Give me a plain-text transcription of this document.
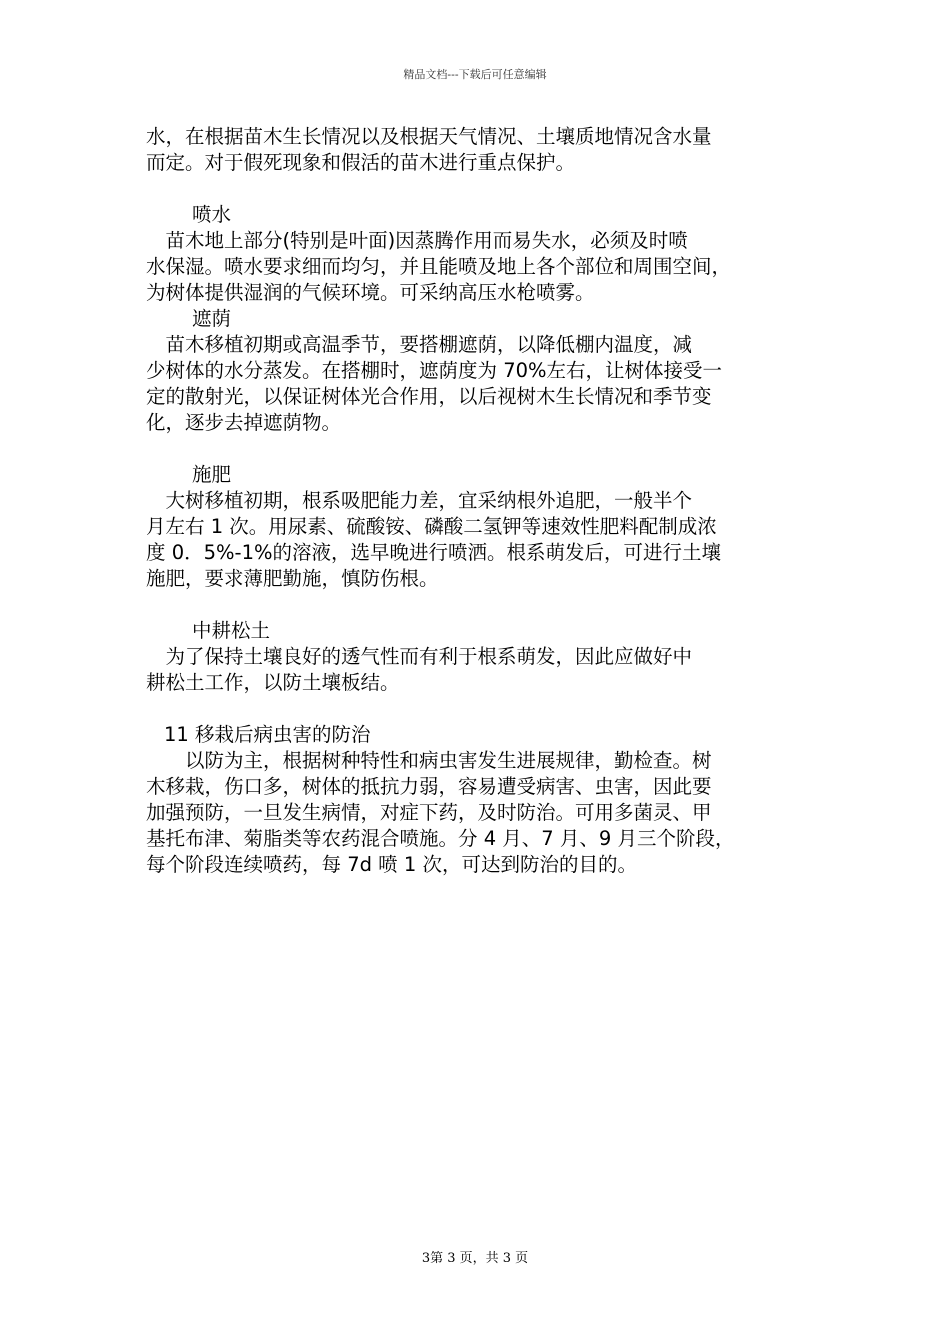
精品文档---下载后可任意编辑

水，在根据苗木生长情况以及根据天气情况、土壤质地情况含水量
而定。对于假死现象和假活的苗木进行重点保护。

喷水

　苗木地上部分(特别是叶面)因蒸腾作用而易失水，必须及时喷
水保湿。喷水要求细而均匀，并且能喷及地上各个部位和周围空间，
为树体提供湿润的气候环境。可采纳高压水枪喷雾。

遮荫

　苗木移植初期或高温季节，要搭棚遮荫，以降低棚内温度，减
少树体的水分蒸发。在搭棚时，遮荫度为 70%左右，让树体接受一
定的散射光，以保证树体光合作用，以后视树木生长情况和季节变
化，逐步去掉遮荫物。

施肥

　大树移植初期，根系吸肥能力差，宜采纳根外追肥，一般半个
月左右 1 次。用尿素、硫酸铵、磷酸二氢钾等速效性肥料配制成浓
度 0．5%-1%的溶液，选早晚进行喷洒。根系萌发后，可进行土壤
施肥，要求薄肥勤施，慎防伤根。

中耕松土

　为了保持土壤良好的透气性而有利于根系萌发，因此应做好中
耕松土工作，以防土壤板结。

11 移栽后病虫害的防治

　　以防为主，根据树种特性和病虫害发生进展规律，勤检查。树
木移栽，伤口多，树体的抵抗力弱，容易遭受病害、虫害，因此要
加强预防，一旦发生病情，对症下药，及时防治。可用多菌灵、甲
基托布津、菊脂类等农药混合喷施。分 4 月、7 月、9 月三个阶段，
每个阶段连续喷药，每 7d 喷 1 次，可达到防治的目的。

3第 3 页，共 3 页
